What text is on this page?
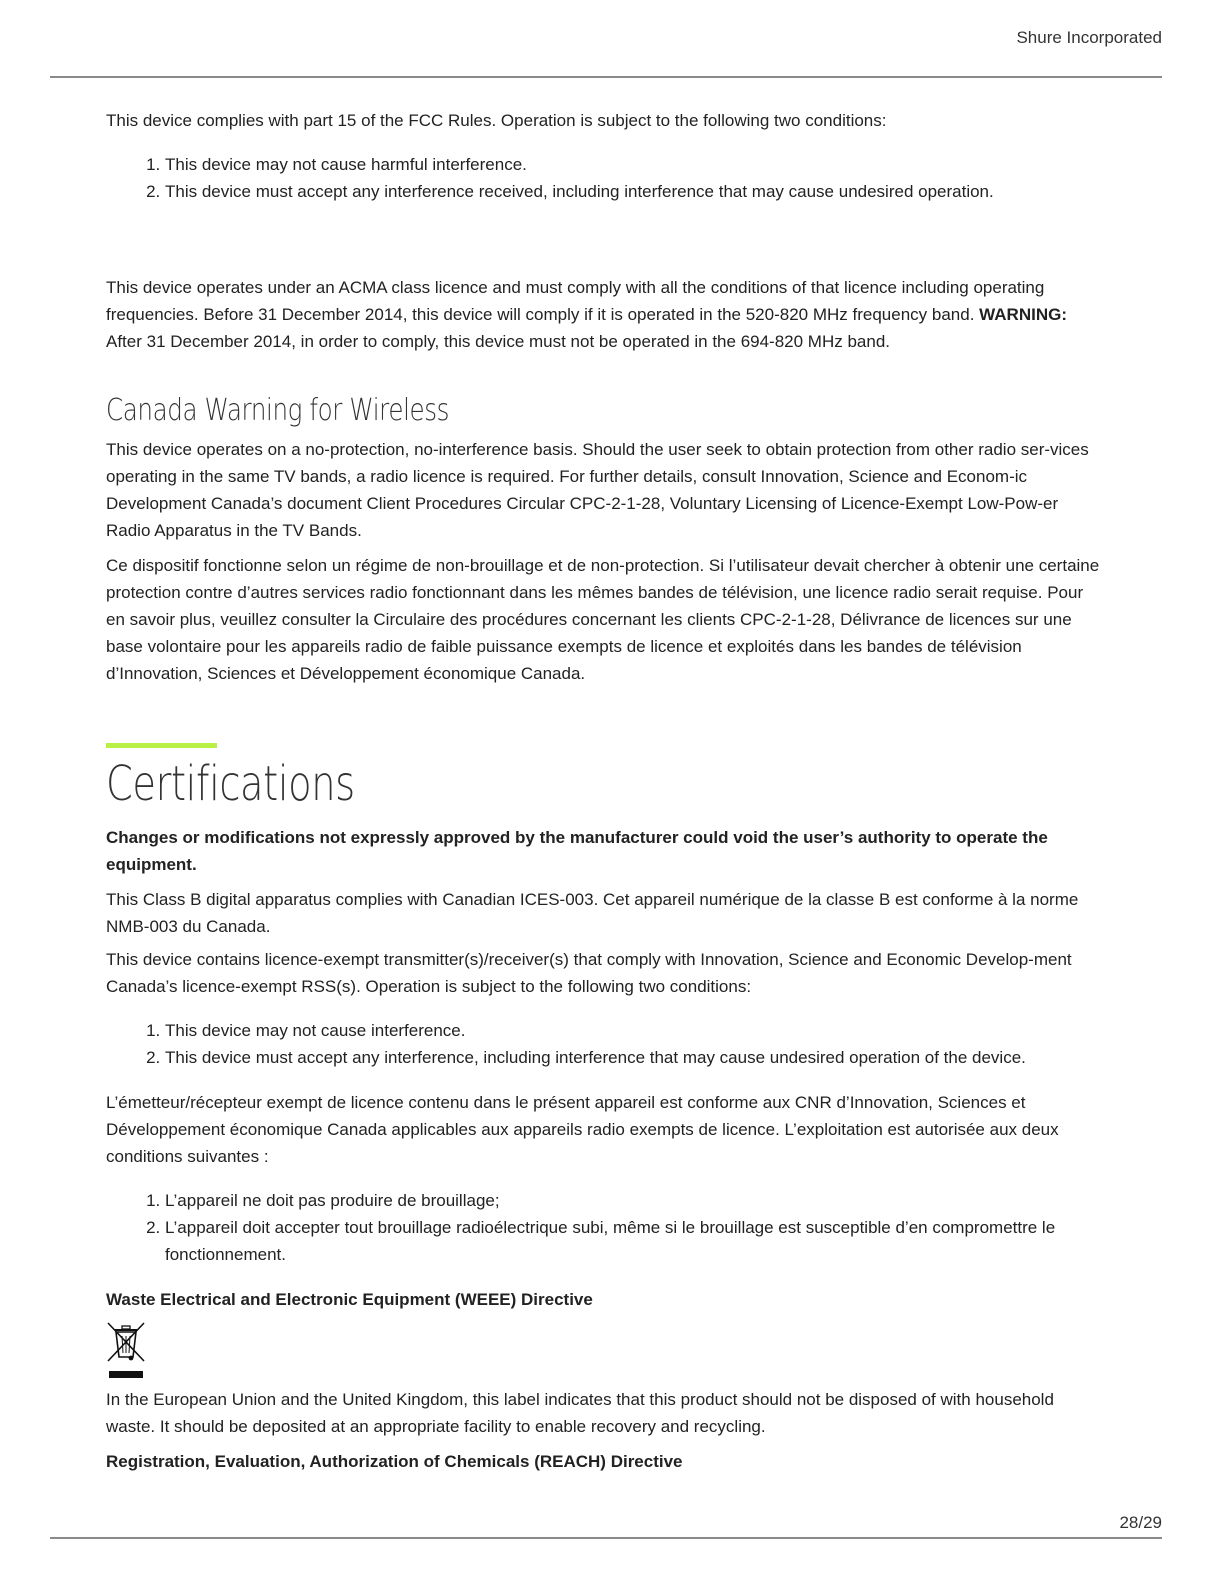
Shure Incorporated

This device complies with part 15 of the FCC Rules. Operation is subject to the following two conditions:

1. This device may not cause harmful interference.
2. This device must accept any interference received, including interference that may cause undesired operation.

This device operates under an ACMA class licence and must comply with all the conditions of that licence including operating frequencies. Before 31 December 2014, this device will comply if it is operated in the 520-820 MHz frequency band. WARNING: After 31 December 2014, in order to comply, this device must not be operated in the 694-820 MHz band.

Canada Warning for Wireless

This device operates on a no-protection, no-interference basis. Should the user seek to obtain protection from other radio ser-vices operating in the same TV bands, a radio licence is required. For further details, consult Innovation, Science and Econom-ic Development Canada’s document Client Procedures Circular CPC-2-1-28, Voluntary Licensing of Licence-Exempt Low-Pow-er Radio Apparatus in the TV Bands.

Ce dispositif fonctionne selon un régime de non‑brouillage et de non‑protection. Si l’utilisateur devait chercher à obtenir une certaine protection contre d’autres services radio fonctionnant dans les mêmes bandes de télévision, une licence radio serait requise. Pour en savoir plus, veuillez consulter la Circulaire des procédures concernant les clients CPC‑2‑1‑28, Délivrance de licences sur une base volontaire pour les appareils radio de faible puissance exempts de licence et exploités dans les bandes de télévision d’Innovation, Sciences et Développement économique Canada.

Certifications

Changes or modifications not expressly approved by the manufacturer could void the user’s authority to operate the equipment.

This Class B digital apparatus complies with Canadian ICES-003. Cet appareil numérique de la classe B est conforme à la norme NMB-003 du Canada.

This device contains licence-exempt transmitter(s)/receiver(s) that comply with Innovation, Science and Economic Develop-ment Canada’s licence-exempt RSS(s). Operation is subject to the following two conditions:

1. This device may not cause interference.
2. This device must accept any interference, including interference that may cause undesired operation of the device.

L’émetteur/récepteur exempt de licence contenu dans le présent appareil est conforme aux CNR d’Innovation, Sciences et Développement économique Canada applicables aux appareils radio exempts de licence. L’exploitation est autorisée aux deux conditions suivantes :

1. L’appareil ne doit pas produire de brouillage;
2. L’appareil doit accepter tout brouillage radioélectrique subi, même si le brouillage est susceptible d’en compromettre le fonctionnement.

Waste Electrical and Electronic Equipment (WEEE) Directive

In the European Union and the United Kingdom, this label indicates that this product should not be disposed of with household waste. It should be deposited at an appropriate facility to enable recovery and recycling.

Registration, Evaluation, Authorization of Chemicals (REACH) Directive

28/29
